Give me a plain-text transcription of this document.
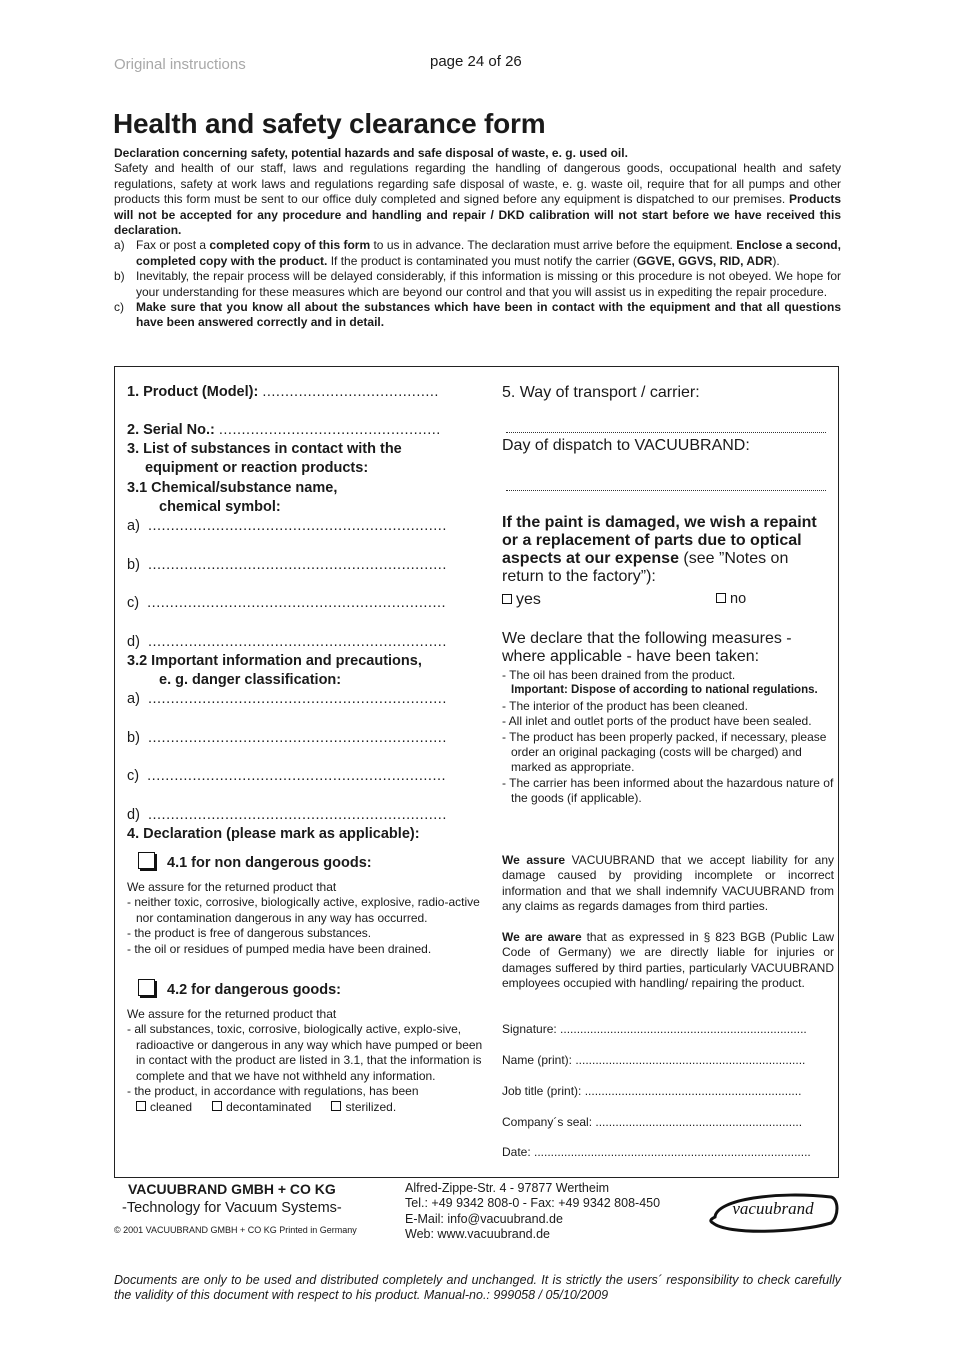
Original instructions	page 24 of 26
Health and safety clearance form

Declaration concerning safety, potential hazards and safe disposal of waste, e. g. used oil.

Safety and health of our staff, laws and regulations regarding the handling of dangerous goods, occupational health and safety regulations, safety at work laws and regulations regarding safe disposal of waste, e. g. waste oil, require that for all pumps and other products this form must be sent to our office duly completed and signed before any equipment is dispatched to our premises. Products will not be accepted for any procedure and handling and repair / DKD calibration will not start before we have received this declaration.

a) Fax or post a completed copy of this form to us in advance. The declaration must arrive before the equipment. Enclose a second, completed copy with the product. If the product is contaminated you must notify the carrier (GGVE, GGVS, RID, ADR).
b) Inevitably, the repair process will be delayed considerably, if this information is missing or this procedure is not obeyed. We hope for your understanding for these measures which are beyond our control and that you will assist us in expediting the repair procedure.
c)	Make sure that you know all about the substances which have been in contact with the equipment and that all questions have been answered correctly and in detail.
1. Product (Model): .......................................
2. Serial No.: .................................................
3. List of substances in contact with the
equipment or reaction products:
3.1 Chemical/substance name,
chemical symbol:
a) ..................................................................
b) ..................................................................
c) ..................................................................
d) ..................................................................
3.2 Important information and precautions,
e. g. danger classification:
a) ..................................................................
b) ..................................................................
c) ..................................................................
d) ..................................................................
4. Declaration (please mark as applicable):
4.1 for non dangerous goods:
We assure for the returned product that
- neither toxic, corrosive, biologically active, explosive, radio-active nor contamination dangerous in any way has occurred.
- the product is free of dangerous substances.
- the oil or residues of pumped media have been drained.
4.2 for dangerous goods:
We assure for the returned product that
- all substances, toxic, corrosive, biologically active, explo-sive, radioactive or dangerous in any way which have pumped or been in contact with the product are listed in 3.1, that the information is complete and that we have not withheld any information.
- the product, in accordance with regulations, has been
cleaned	decontaminated	sterilized.
5. Way of transport / carrier:
Day of dispatch to VACUUBRAND:
If the paint is damaged, we wish a repaint or a replacement of parts due to optical aspects at our expense (see ”Notes on return to the factory”):
yes	no
We declare that the following measures - where applicable - have been taken:
- The oil has been drained from the product.
Important: Dispose of according to national regulations.
- The interior of the product has been cleaned.
- All inlet and outlet ports of the product have been sealed.
- The product has been properly packed, if necessary, please order an original packaging (costs will be charged) and marked as appropriate.
- The carrier has been informed about the hazardous nature of the goods (if applicable).
We assure VACUUBRAND that we accept liability for any damage caused by providing incomplete or incorrect information and that we shall indemnify VACUUBRAND from any claims as regards damages from third parties.
We are aware that as expressed in § 823 BGB (Public Law Code of Germany) we are directly liable for injuries or damages suffered by third parties, particularly VACUUBRAND employees occupied with handling/ repairing the product.
Signature: ..........................................................................
Name (print): .....................................................................
Job title (print): .................................................................
Company´s seal: ..............................................................
Date: ...................................................................................
VACUUBRAND GMBH + CO KG
-Technology for Vacuum Systems-
© 2001 VACUUBRAND GMBH + CO KG Printed in Germany
Alfred-Zippe-Str. 4 - 97877 Wertheim
Tel.: +49 9342 808-0 - Fax: +49 9342 808-450
E-Mail: info@vacuubrand.de
Web: www.vacuubrand.de
vacuubrand
Documents are only to be used and distributed completely and unchanged. It is strictly the users´ responsibility to check carefully the validity of this document with respect to his product. Manual-no.: 999058 / 05/10/2009
